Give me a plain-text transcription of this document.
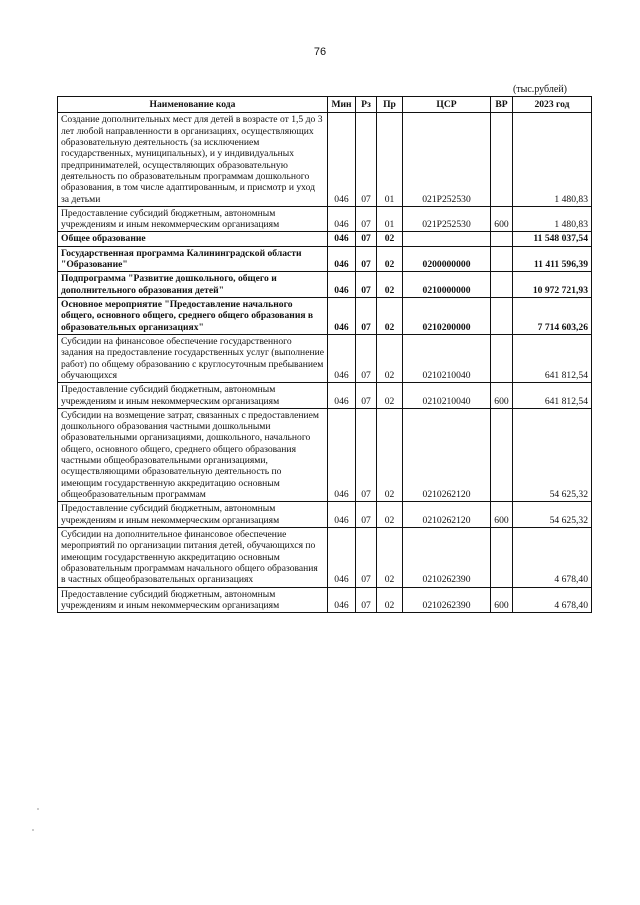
76
(тыс.рублей)
Наименование кода	Мин	Рз	Пр	ЦСР	ВР	2023 год
Создание дополнительных мест для детей в возрасте от 1,5 до 3 лет любой направленности в организациях, осуществляющих образовательную деятельность (за исключением государственных, муниципальных), и у индивидуальных предпринимателей, осуществляющих образовательную деятельность по образовательным программам дошкольного образования, в том числе адаптированным, и присмотр и уход за детьми	046	07	01	021P252530		1 480,83
Предоставление субсидий бюджетным, автономным учреждениям и иным некоммерческим организациям	046	07	01	021P252530	600	1 480,83
Общее образование	046	07	02			11 548 037,54
Государственная программа Калининградской области "Образование"	046	07	02	0200000000		11 411 596,39
Подпрограмма "Развитие дошкольного, общего и дополнительного образования детей"	046	07	02	0210000000		10 972 721,93
Основное мероприятие "Предоставление начального общего, основного общего, среднего общего образования в образовательных организациях"	046	07	02	0210200000		7 714 603,26
Субсидии на финансовое обеспечение государственного задания на предоставление государственных услуг (выполнение работ) по общему образованию с круглосуточным пребыванием обучающихся	046	07	02	0210210040		641 812,54
Предоставление субсидий бюджетным, автономным учреждениям и иным некоммерческим организациям	046	07	02	0210210040	600	641 812,54
Субсидии на возмещение затрат, связанных с предоставлением дошкольного образования частными дошкольными образовательными организациями, дошкольного, начального общего, основного общего, среднего общего образования частными общеобразовательными организациями, осуществляющими образовательную деятельность по имеющим государственную аккредитацию основным общеобразовательным программам	046	07	02	0210262120		54 625,32
Предоставление субсидий бюджетным, автономным учреждениям и иным некоммерческим организациям	046	07	02	0210262120	600	54 625,32
Субсидии на дополнительное финансовое обеспечение мероприятий по организации питания детей, обучающихся по имеющим государственную аккредитацию основным образовательным программам начального общего образования в частных общеобразовательных организациях	046	07	02	0210262390		4 678,40
Предоставление субсидий бюджетным, автономным учреждениям и иным некоммерческим организациям	046	07	02	0210262390	600	4 678,40
